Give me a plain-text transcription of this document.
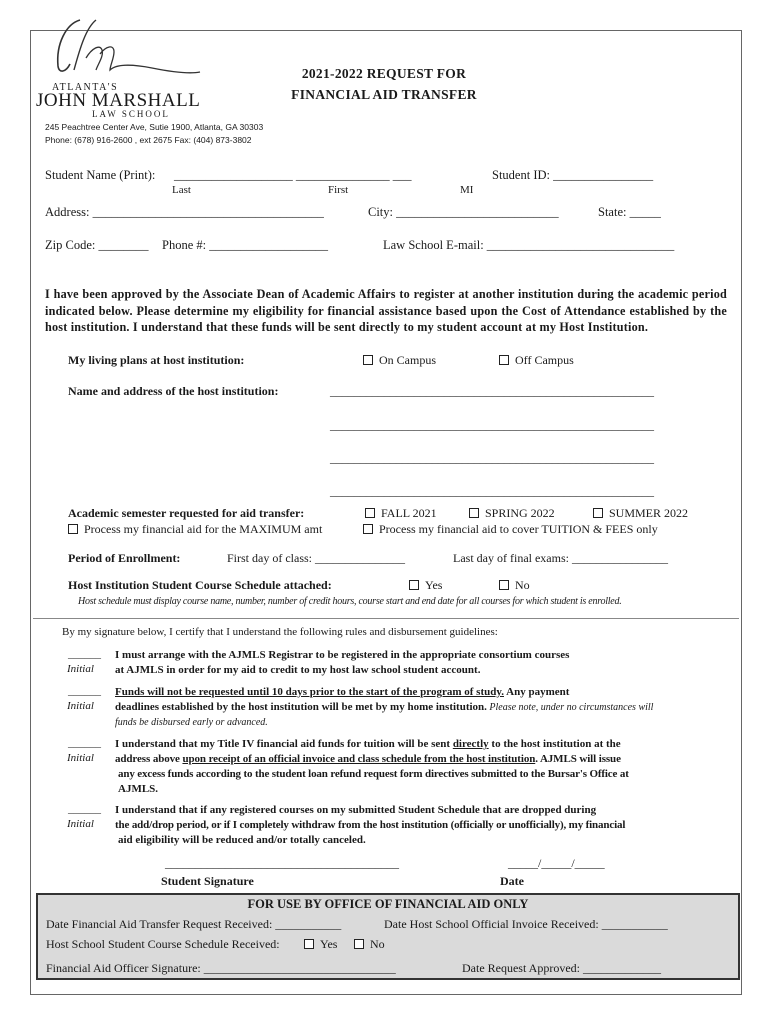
ATLANTA'S
JOHN MARSHALL
LAW SCHOOL
245 Peachtree Center Ave, Sutie 1900, Atlanta, GA 30303
Phone: (678) 916-2600 , ext 2675 Fax: (404) 873-3802
2021-2022 REQUEST FOR
FINANCIAL AID TRANSFER
Student Name (Print): ___________________ _______________ ___
Last	First	MI
Student ID: ________________
Address: _____________________________________	City: __________________________	State: _____
Zip Code: ________ Phone #: ___________________	Law School E-mail: ______________________________
I have been approved by the Associate Dean of Academic Affairs to register at another institution during the academic period indicated below. Please determine my eligibility for financial assistance based upon the Cost of Attendance established by the host institution. I understand that these funds will be sent directly to my student account at my Host Institution.
My living plans at host institution:	On Campus	Off Campus
Name and address of the host institution:	______________________________________________________
______________________________________________________
______________________________________________________
______________________________________________________
Academic semester requested for aid transfer:	FALL 2021	SPRING 2022	SUMMER 2022
Process my financial aid for the MAXIMUM amt	Process my financial aid to cover TUITION & FEES only
Period of Enrollment:	First day of class: _______________	Last day of final exams: ________________
Host Institution Student Course Schedule attached:	Yes	No
Host schedule must display course name, number, number of credit hours, course start and end date for all courses for which student is enrolled.
By my signature below, I certify that I understand the following rules and disbursement guidelines:
______
Initial
I must arrange with the AJMLS Registrar to be registered in the appropriate consortium courses
at AJMLS in order for my aid to credit to my host law school student account.
______
Initial
Funds will not be requested until 10 days prior to the start of the program of study. Any payment
deadlines established by the host institution will be met by my home institution. Please note, under no circumstances will
funds be disbursed early or advanced.
______
Initial
I understand that my Title IV financial aid funds for tuition will be sent directly to the host institution at the
address above upon receipt of an official invoice and class schedule from the host institution. AJMLS will issue
any excess funds according to the student loan refund request form directives submitted to the Bursar's Office at
AJMLS.
______
Initial
I understand that if any registered courses on my submitted Student Schedule that are dropped during
the add/drop period, or if I completely withdraw from the host institution (officially or unofficially), my financial
aid eligibility will be reduced and/or totally canceled.
_______________________________________
Student Signature
_____/_____/_____
Date
FOR USE BY OFFICE OF FINANCIAL AID ONLY
Date Financial Aid Transfer Request Received: ___________	Date Host School Official Invoice Received: ___________
Host School Student Course Schedule Received:	Yes	No
Financial Aid Officer Signature: ________________________________	Date Request Approved: _____________
